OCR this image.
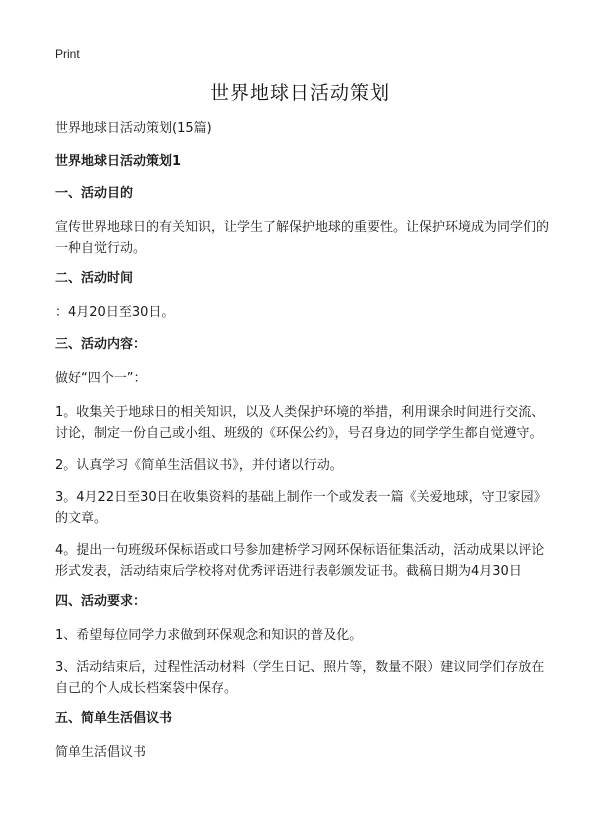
Print
世界地球日活动策划
世界地球日活动策划(15篇)
世界地球日活动策划1
一、活动目的
宣传世界地球日的有关知识，让学生了解保护地球的重要性。让保护环境成为同学们的一种自觉行动。
二、活动时间
：4月20日至30日。
三、活动内容：
做好“四个一”：
1。收集关于地球日的相关知识，以及人类保护环境的举措，利用课余时间进行交流、讨论，制定一份自己或小组、班级的《环保公约》，号召身边的同学学生都自觉遵守。
2。认真学习《简单生活倡议书》，并付诸以行动。
3。4月22日至30日在收集资料的基础上制作一个或发表一篇《关爱地球，守卫家园》的文章。
4。提出一句班级环保标语或口号参加建桥学习网环保标语征集活动，活动成果以评论形式发表，活动结束后学校将对优秀评语进行表彰颁发证书。截稿日期为4月30日
四、活动要求：
1、希望每位同学力求做到环保观念和知识的普及化。
3、活动结束后，过程性活动材料（学生日记、照片等，数量不限）建议同学们存放在自己的个人成长档案袋中保存。
五、简单生活倡议书
简单生活倡议书
